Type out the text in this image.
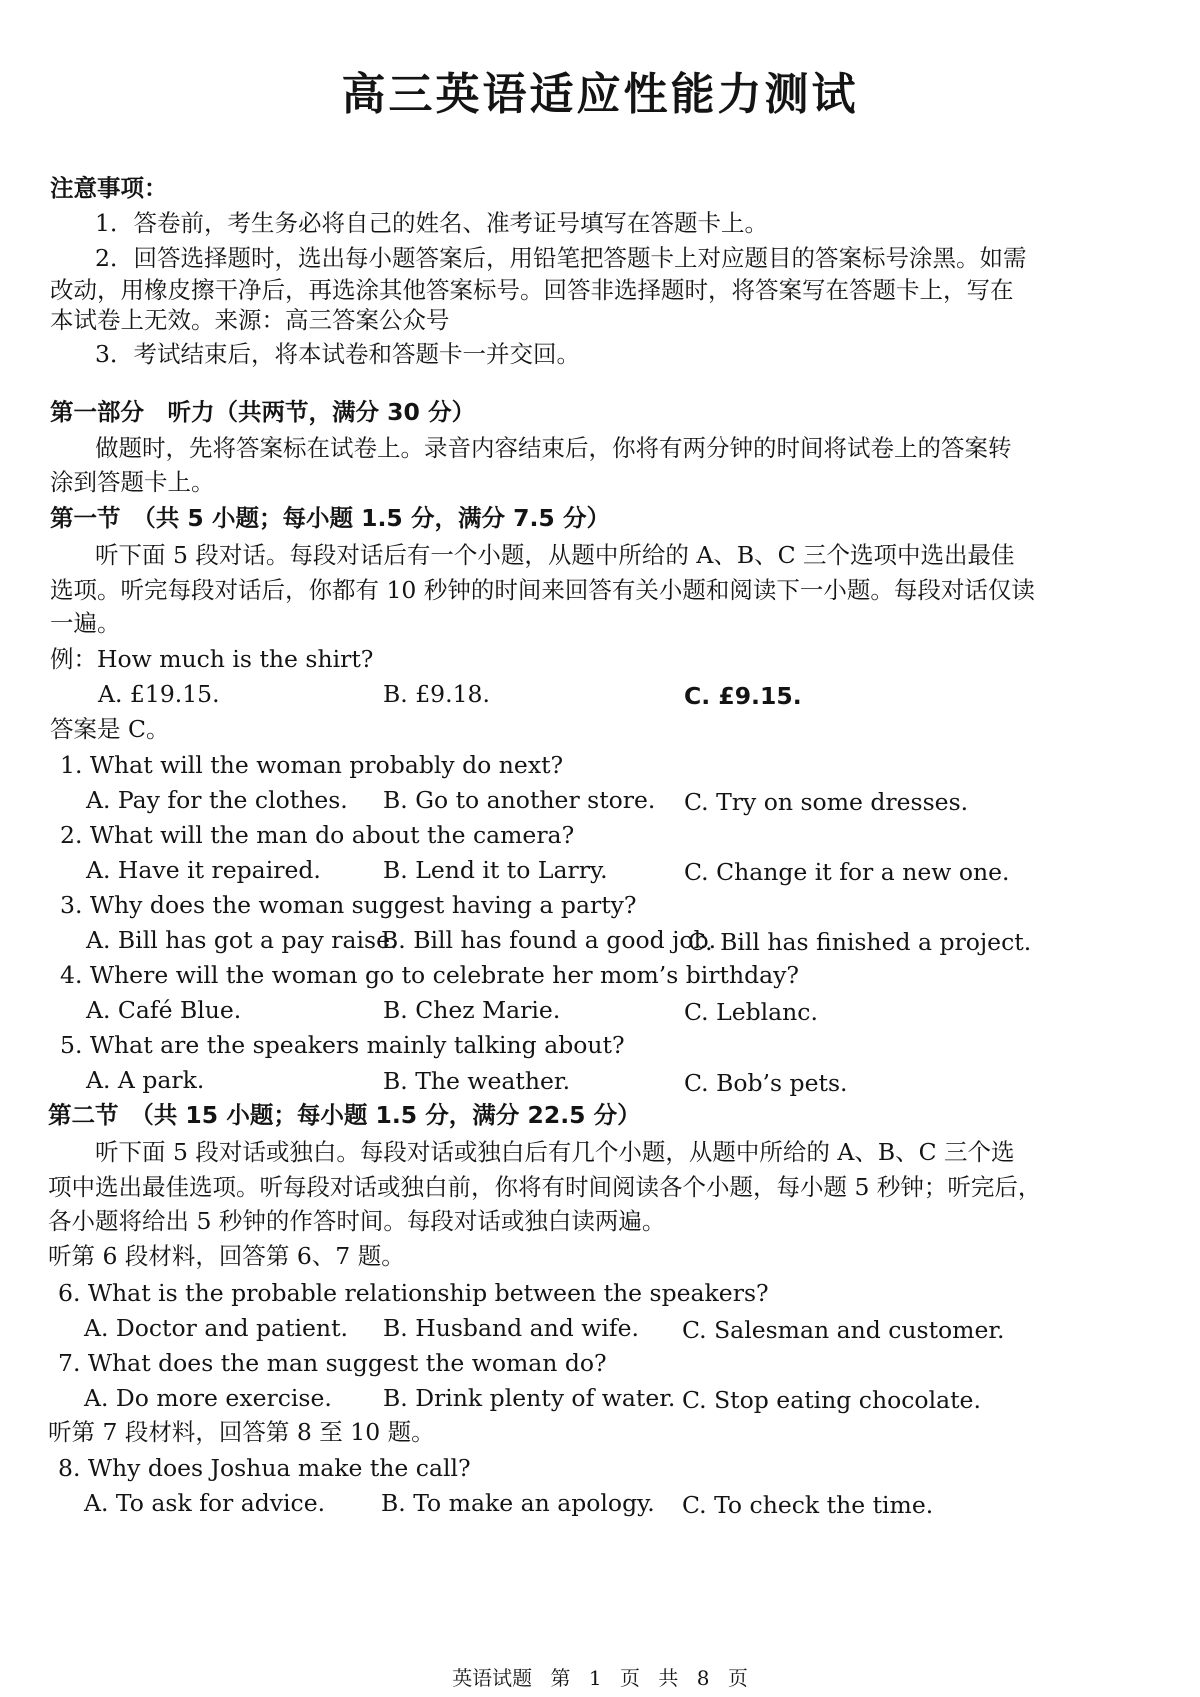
高三英语适应性能力测试
注意事项：
1．答卷前，考生务必将自己的姓名、准考证号填写在答题卡上。
2．回答选择题时，选出每小题答案后，用铅笔把答题卡上对应题目的答案标号涂黑。如需
改动，用橡皮擦干净后，再选涂其他答案标号。回答非选择题时，将答案写在答题卡上，写在
本试卷上无效。来源：高三答案公众号
3．考试结束后，将本试卷和答题卡一并交回。
第一部分　听力（共两节，满分 30 分）
做题时，先将答案标在试卷上。录音内容结束后，你将有两分钟的时间将试卷上的答案转
涂到答题卡上。
第一节　（共 5 小题；每小题 1.5 分，满分 7.5 分）
听下面 5 段对话。每段对话后有一个小题，从题中所给的 A、B、C 三个选项中选出最佳
选项。听完每段对话后，你都有 10 秒钟的时间来回答有关小题和阅读下一小题。每段对话仅读
一遍。
例：How much is the shirt?
A. £19.15.	B. £9.18.	C. £9.15.
答案是 C。
1. What will the woman probably do next?
A. Pay for the clothes. B. Go to another store. C. Try on some dresses.
2. What will the man do about the camera?
A. Have it repaired.	B. Lend it to Larry.	C. Change it for a new one.
3. Why does the woman suggest having a party?
A. Bill has got a pay raise.
B. Bill has found a good job.
C. Bill has finished a project.
4. Where will the woman go to celebrate her mom’s birthday?
A. Café Blue.	B. Chez Marie.	C. Leblanc.
5. What are the speakers mainly talking about?
A. A park.	B. The weather.	C. Bob’s pets.
第二节　（共 15 小题；每小题 1.5 分，满分 22.5 分）
听下面 5 段对话或独白。每段对话或独白后有几个小题，从题中所给的 A、B、C 三个选
项中选出最佳选项。听每段对话或独白前，你将有时间阅读各个小题，每小题 5 秒钟；听完后，
各小题将给出 5 秒钟的作答时间。每段对话或独白读两遍。
听第 6 段材料，回答第 6、7 题。
6. What is the probable relationship between the speakers?
A. Doctor and patient. B. Husband and wife. C. Salesman and customer.
7. What does the man suggest the woman do?
A. Do more exercise. B. Drink plenty of water. C. Stop eating chocolate.
听第 7 段材料，回答第 8 至 10 题。
8. Why does Joshua make the call?
A. To ask for advice. B. To make an apology. C. To check the time.
英语试题 第 1 页 共 8 页
